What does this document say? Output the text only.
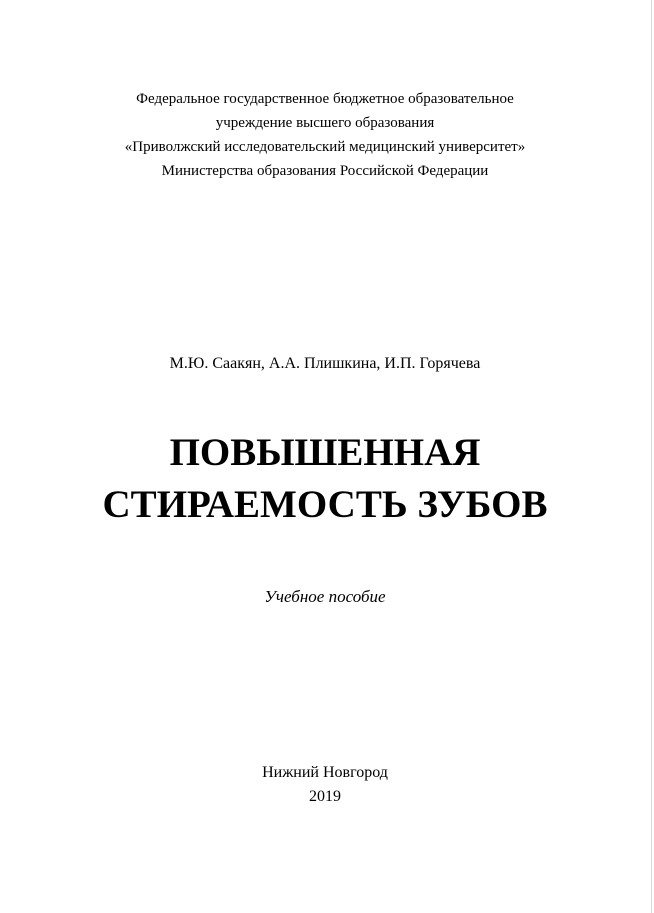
Федеральное государственное бюджетное образовательное
учреждение высшего образования
«Приволжский исследовательский медицинский университет»
Министерства образования Российской Федерации
М.Ю. Саакян, А.А. Плишкина, И.П. Горячева
ПОВЫШЕННАЯ
СТИРАЕМОСТЬ ЗУБОВ
Учебное пособие
Нижний Новгород
2019
